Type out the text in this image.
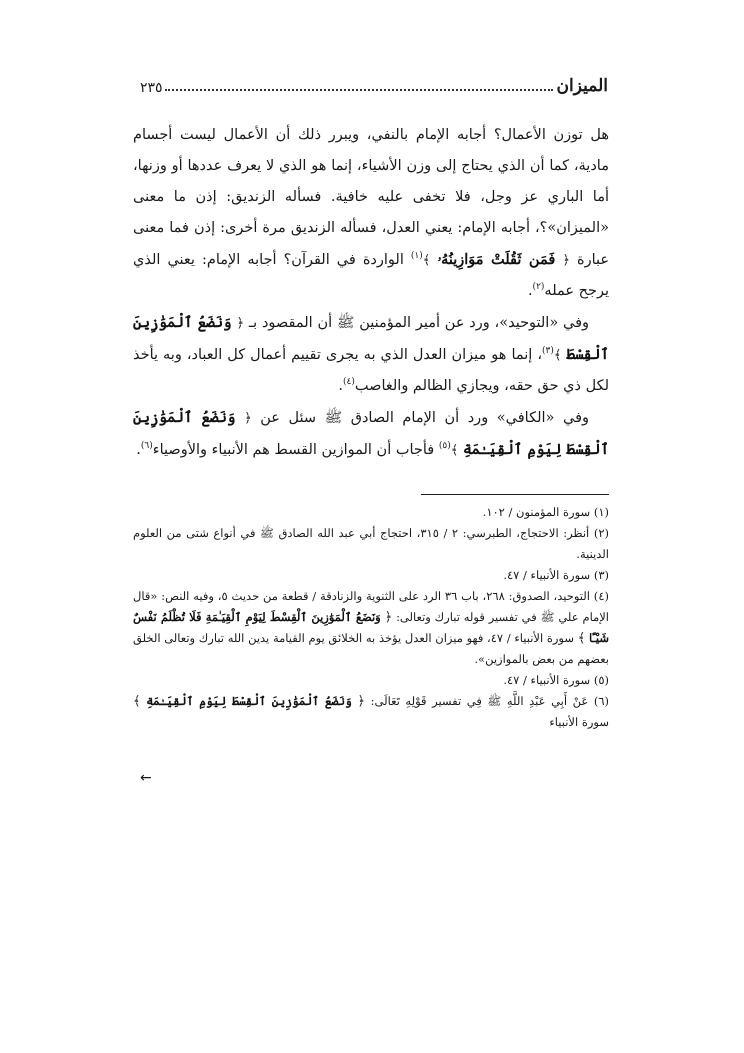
الميزان
٢٣٥

هل توزن الأعمال؟ أجابه الإمام بالنفي، ويبرر ذلك أن الأعمال ليست أجسام مادية، كما أن الذي يحتاج إلى وزن الأشياء، إنما هو الذي لا يعرف عددها أو وزنها، أما الباري عز وجل، فلا تخفى عليه خافية. فسأله الزنديق: إذن ما معنى «الميزان»؟، أجابه الإمام: يعني العدل، فسأله الزنديق مرة أخرى: إذن فما معنى عبارة ﴿ فَمَن ثَقُلَتْ مَوَازِينُهُۥ ﴾$^{(١)}$ الواردة في القرآن؟ أجابه الإمام: يعني الذي يرجح عمله$^{(٢)}$.

وفي «التوحيد»، ورد عن أمير المؤمنين ﷺ أن المقصود بـ ﴿ وَنَضَعُ ٱلْمَوَٰزِينَ ٱلْقِسْطَ ﴾$^{(٣)}$، إنما هو ميزان العدل الذي به يجرى تقييم أعمال كل العباد، وبه يأخذ لكل ذي حق حقه، ويجازي الظالم والغاصب$^{(٤)}$.

وفي «الكافي» ورد أن الإمام الصادق ﷺ سئل عن ﴿ وَنَضَعُ ٱلْمَوَٰزِينَ ٱلْقِسْطَ لِيَوْمِ ٱلْقِيَـٰمَةِ ﴾$^{(٥)}$ فأجاب أن الموازين القسط هم الأنبياء والأوصياء$^{(٦)}$.

(١) سورة المؤمنون / ١٠٢.

(٢) أنظر: الاحتجاج، الطبرسي: ٢ / ٣١٥، احتجاج أبي عبد الله الصادق ﷺ في أنواع شتى من العلوم الدينية.

(٣) سورة الأنبياء / ٤٧.

(٤) التوحيد، الصدوق: ٢٦٨، باب ٣٦ الرد على الثنوية والزنادقة / قطعة من حديث ٥، وفيه النص: «قال الإمام علي ﷺ في تفسير قوله تبارك وتعالى: ﴿ وَنَضَعُ ٱلْمَوَٰزِينَ ٱلْقِسْطَ لِيَوْمِ ٱلْقِيَـٰمَةِ فَلَا تُظْلَمُ نَفْسٌ شَيْـًٔا ﴾ سورة الأنبياء / ٤٧، فهو ميزان العدل يؤخذ به الخلائق يوم القيامة يدين الله تبارك وتعالى الخلق بعضهم من بعض بالموازين».

(٥) سورة الأنبياء / ٤٧.

(٦) عَنْ أَبِي عَبْدِ اللَّهِ ﷺ فِي تفسير قَوْلِهِ تَعَالَى: ﴿ وَنَضَعُ ٱلْمَوَٰزِينَ ٱلْقِسْطَ لِيَوْمِ ٱلْقِيَـٰمَةِ ﴾ سورة الأنبياء

←
